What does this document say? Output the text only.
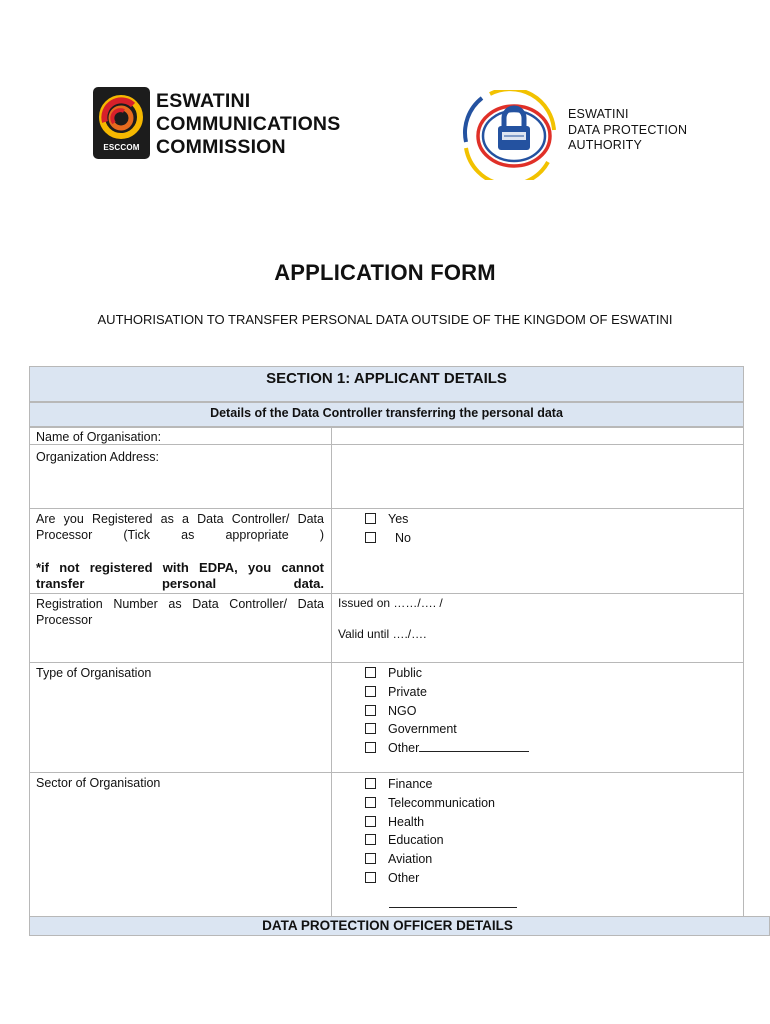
ESCCOM
ESWATINI
COMMUNICATIONS
COMMISSION
ESWATINI
DATA PROTECTION
AUTHORITY
APPLICATION FORM
AUTHORISATION TO TRANSFER PERSONAL DATA OUTSIDE OF THE KINGDOM OF ESWATINI
SECTION 1: APPLICANT DETAILS
Details of the Data Controller transferring the personal data
Name of Organisation:
Organization Address:
Are you Registered as a Data Controller/ Data Processor (Tick as appropriate )
*if not registered with EDPA, you cannot transfer personal data.
Yes
No
Registration Number as Data Controller/ Data Processor
Issued on ……/…. /
Valid until …./….
Type of Organisation	Public
Private
NGO
Government
Other
Sector of Organisation	Finance
Telecommunication
Health
Education
Aviation
Other
DATA PROTECTION OFFICER DETAILS
